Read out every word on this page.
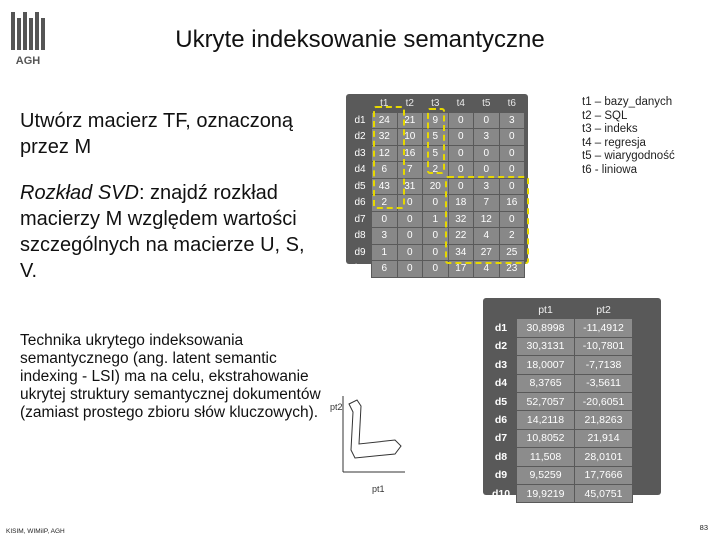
AGH
Ukryte indeksowanie semantyczne
Utwórz macierz TF, oznaczoną przez M
Rozkład SVD: znajdź rozkład macierzy M względem wartości szczególnych na macierze U, S, V.
Technika ukrytego indeksowania semantycznego (ang. latent semantic indexing - LSI) ma na celu, ekstrahowanie ukrytej struktury semantycznej dokumentów (zamiast prostego zbioru słów kluczowych).
	t1	t2	t3	t4	t5	t6
d1	24	21	9	0	0	3
d2	32	10	5	0	3	0
d3	12	16	5	0	0	0
d4	6	7	2	0	0	0
d5	43	31	20	0	3	0
d6	2	0	0	18	7	16
d7	0	0	1	32	12	0
d8	3	0	0	22	4	2
d9	1	0	0	34	27	25
d10	6	0	0	17	4	23
t1 – bazy_danych
t2 – SQL
t3 – indeks
t4 – regresja
t5 – wiarygodność
t6 - liniowa
	pt1	pt2
d1	30,8998	-11,4912
d2	30,3131	-10,7801
d3	18,0007	-7,7138
d4	8,3765	-3,5611
d5	52,7057	-20,6051
d6	14,2118	21,8263
d7	10,8052	21,914
d8	11,508	28,0101
d9	9,5259	17,7666
d10	19,9219	45,0751
pt2
pt1
KISIM, WIMiIP, AGH	83
